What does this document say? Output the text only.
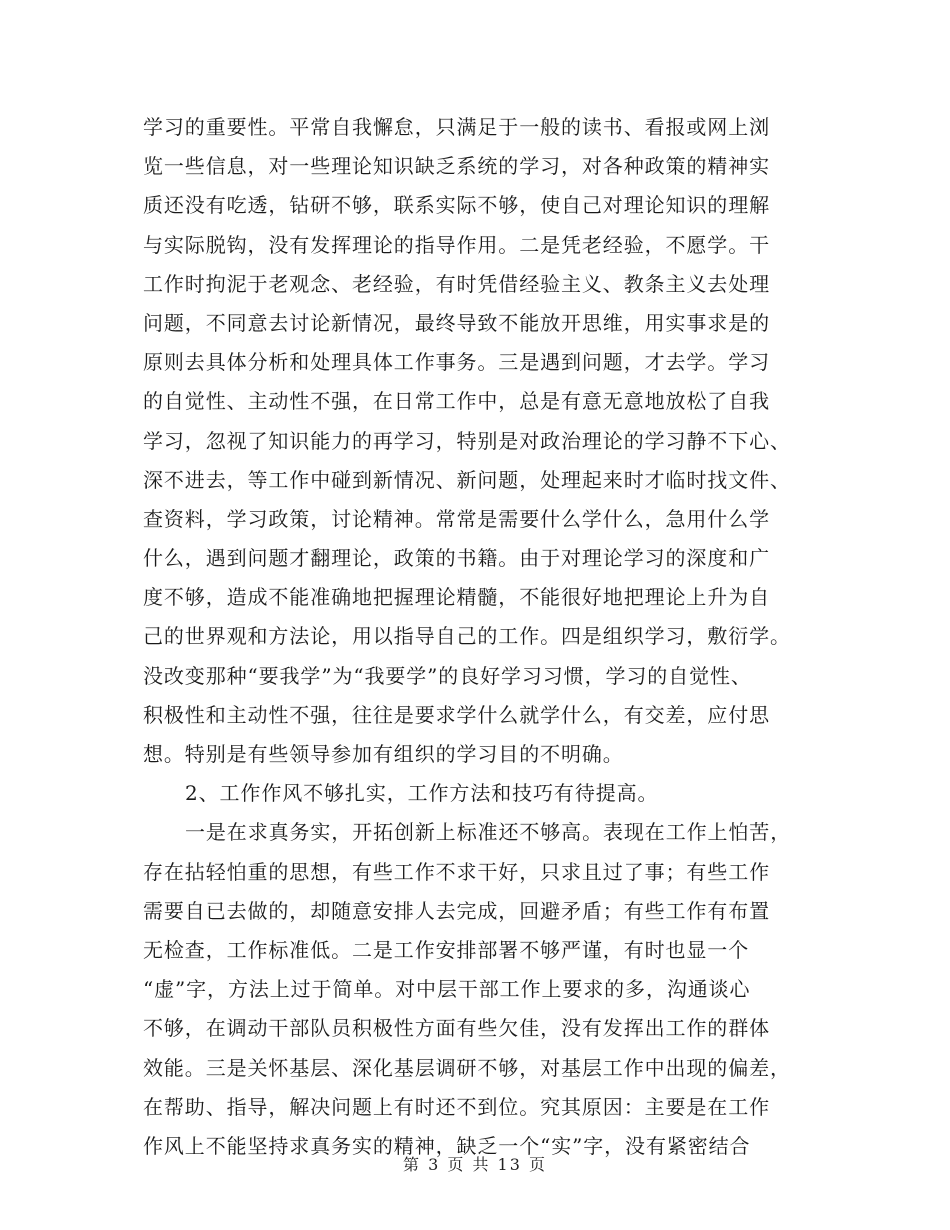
学习的重要性。平常自我懈怠，只满足于一般的读书、看报或网上浏
览一些信息，对一些理论知识缺乏系统的学习，对各种政策的精神实
质还没有吃透，钻研不够，联系实际不够，使自己对理论知识的理解
与实际脱钩，没有发挥理论的指导作用。二是凭老经验，不愿学。干
工作时拘泥于老观念、老经验，有时凭借经验主义、教条主义去处理
问题，不同意去讨论新情况，最终导致不能放开思维，用实事求是的
原则去具体分析和处理具体工作事务。三是遇到问题，才去学。学习
的自觉性、主动性不强，在日常工作中，总是有意无意地放松了自我
学习，忽视了知识能力的再学习，特别是对政治理论的学习静不下心、
深不进去，等工作中碰到新情况、新问题，处理起来时才临时找文件、
查资料，学习政策，讨论精神。常常是需要什么学什么，急用什么学
什么，遇到问题才翻理论，政策的书籍。由于对理论学习的深度和广
度不够，造成不能准确地把握理论精髓，不能很好地把理论上升为自
己的世界观和方法论，用以指导自己的工作。四是组织学习，敷衍学。
没改变那种“要我学”为“我要学”的良好学习习惯，学习的自觉性、
积极性和主动性不强，往往是要求学什么就学什么，有交差，应付思
想。特别是有些领导参加有组织的学习目的不明确。
2、工作作风不够扎实，工作方法和技巧有待提高。
一是在求真务实，开拓创新上标准还不够高。表现在工作上怕苦，
存在拈轻怕重的思想，有些工作不求干好，只求且过了事；有些工作
需要自已去做的，却随意安排人去完成，回避矛盾；有些工作有布置
无检查，工作标准低。二是工作安排部署不够严谨，有时也显一个
“虚”字，方法上过于简单。对中层干部工作上要求的多，沟通谈心
不够，在调动干部队员积极性方面有些欠佳，没有发挥出工作的群体
效能。三是关怀基层、深化基层调研不够，对基层工作中出现的偏差，
在帮助、指导，解决问题上有时还不到位。究其原因：主要是在工作
作风上不能坚持求真务实的精神，缺乏一个“实”字，没有紧密结合
第 3 页 共 13 页
